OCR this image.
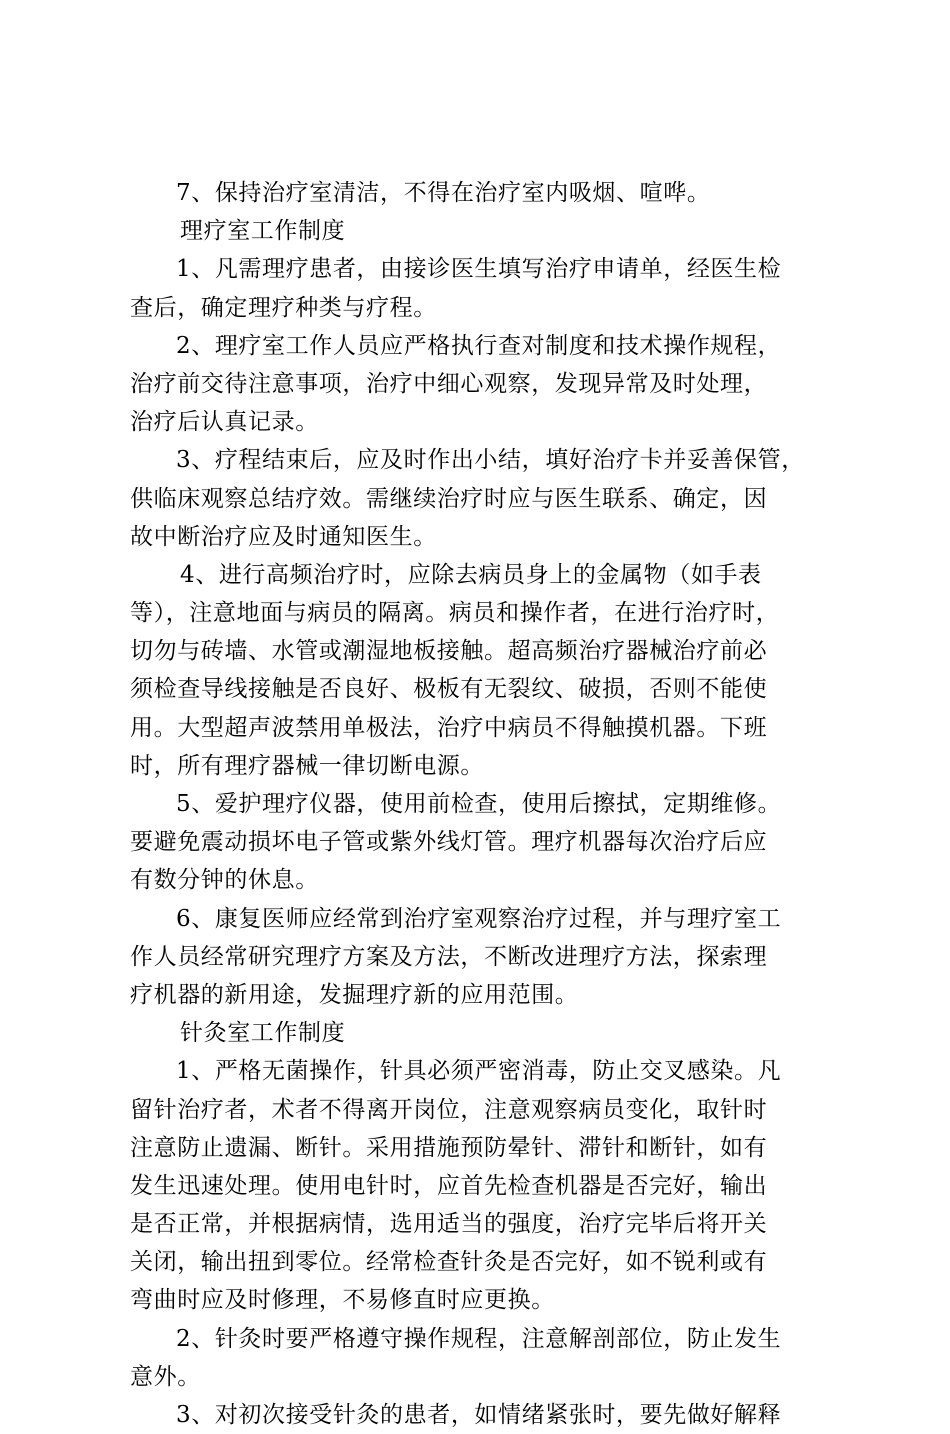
7、保持治疗室清洁，不得在治疗室内吸烟、喧哗。
理疗室工作制度
1、凡需理疗患者，由接诊医生填写治疗申请单，经医生检
查后，确定理疗种类与疗程。
2、理疗室工作人员应严格执行查对制度和技术操作规程，
治疗前交待注意事项，治疗中细心观察，发现异常及时处理，
治疗后认真记录。
3、疗程结束后，应及时作出小结，填好治疗卡并妥善保管，
供临床观察总结疗效。需继续治疗时应与医生联系、确定，因
故中断治疗应及时通知医生。
4、进行高频治疗时，应除去病员身上的金属物（如手表
等），注意地面与病员的隔离。病员和操作者，在进行治疗时，
切勿与砖墙、水管或潮湿地板接触。超高频治疗器械治疗前必
须检查导线接触是否良好、极板有无裂纹、破损，否则不能使
用。大型超声波禁用单极法，治疗中病员不得触摸机器。下班
时，所有理疗器械一律切断电源。
5、爱护理疗仪器，使用前检查，使用后擦拭，定期维修。
要避免震动损坏电子管或紫外线灯管。理疗机器每次治疗后应
有数分钟的休息。
6、康复医师应经常到治疗室观察治疗过程，并与理疗室工
作人员经常研究理疗方案及方法，不断改进理疗方法，探索理
疗机器的新用途，发掘理疗新的应用范围。
针灸室工作制度
1、严格无菌操作，针具必须严密消毒，防止交叉感染。凡
留针治疗者，术者不得离开岗位，注意观察病员变化，取针时
注意防止遗漏、断针。采用措施预防晕针、滞针和断针，如有
发生迅速处理。使用电针时，应首先检查机器是否完好，输出
是否正常，并根据病情，选用适当的强度，治疗完毕后将开关
关闭，输出扭到零位。经常检查针灸是否完好，如不锐利或有
弯曲时应及时修理，不易修直时应更换。
2、针灸时要严格遵守操作规程，注意解剖部位，防止发生
意外。
3、对初次接受针灸的患者，如情绪紧张时，要先做好解释
